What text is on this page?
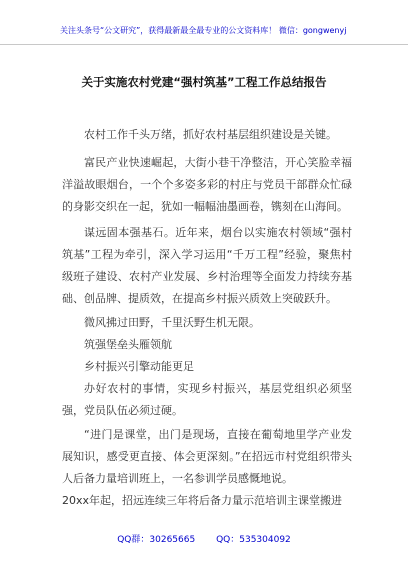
关注头条号“公文研究”，获得最新最全最专业的公文资料库！ 微信：gongwenyj
关于实施农村党建“强村筑基”工程工作总结报告

农村工作千头万绪，抓好农村基层组织建设是关键。

富民产业快速崛起，大街小巷干净整洁，开心笑脸幸福洋溢故眼烟台，一个个多姿多彩的村庄与党员干部群众忙碌的身影交织在一起，犹如一幅幅油墨画卷，镌刻在山海间。

谋远固本强基石。近年来，烟台以实施农村领域“强村筑基”工程为牵引，深入学习运用“千万工程”经验，聚焦村级班子建设、农村产业发展、乡村治理等全面发力持续夯基础、创品牌、提质效，在提高乡村振兴质效上突破跃升。

微风拂过田野，千里沃野生机无限。

筑强堡垒头雁领航

乡村振兴引擎动能更足

办好农村的事情，实现乡村振兴，基层党组织必须坚强，党员队伍必须过硬。

“进门是课堂，出门是现场，直接在葡萄地里学产业发展知识，感受更直接、体会更深刻。”在招远市村党组织带头人后备力量培训班上，一名参训学员感慨地说。

20xx年起，招远连续三年将后备力量示范培训主课堂搬进

QQ群：30265665 QQ：535304092
